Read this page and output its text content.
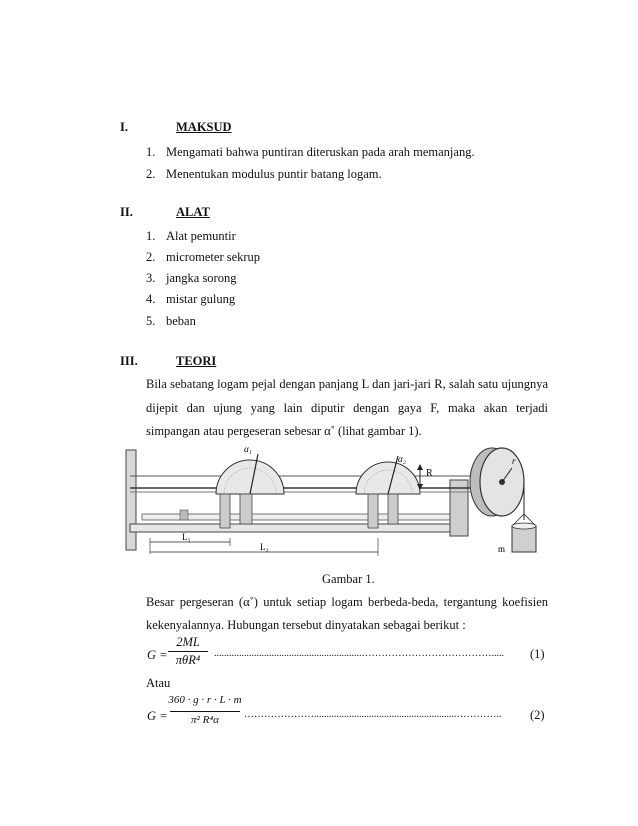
I.	MAKSUD
1. Mengamati bahwa puntiran diteruskan pada arah memanjang.
2. Menentukan modulus puntir batang logam.
II.	ALAT
1. Alat pemuntir
2. micrometer sekrup
3. jangka sorong
4. mistar gulung
5. beban
III.	TEORI
Bila sebatang logam pejal dengan panjang L dan jari-jari R, salah satu ujungnya
dijepit dan ujung yang lain diputir dengan gaya F, maka akan terjadi
simpangan atau pergeseran sebesar α˚ (lihat gambar 1).
α₁
α₂
R
r
L₁
L₂	m
Gambar 1.
Besar pergeseran (α˚) untuk setiap logam berbeda-beda, tergantung koefisien
kekenyalannya. Hubungan tersebut dinyatakan sebagai berikut :
G =
2ML
πθR⁴	...........................................................………………………………….....	(1)
Atau
G =
360 · g · r · L · m
π² R⁴α	………………….........................................................…………..	(2)
